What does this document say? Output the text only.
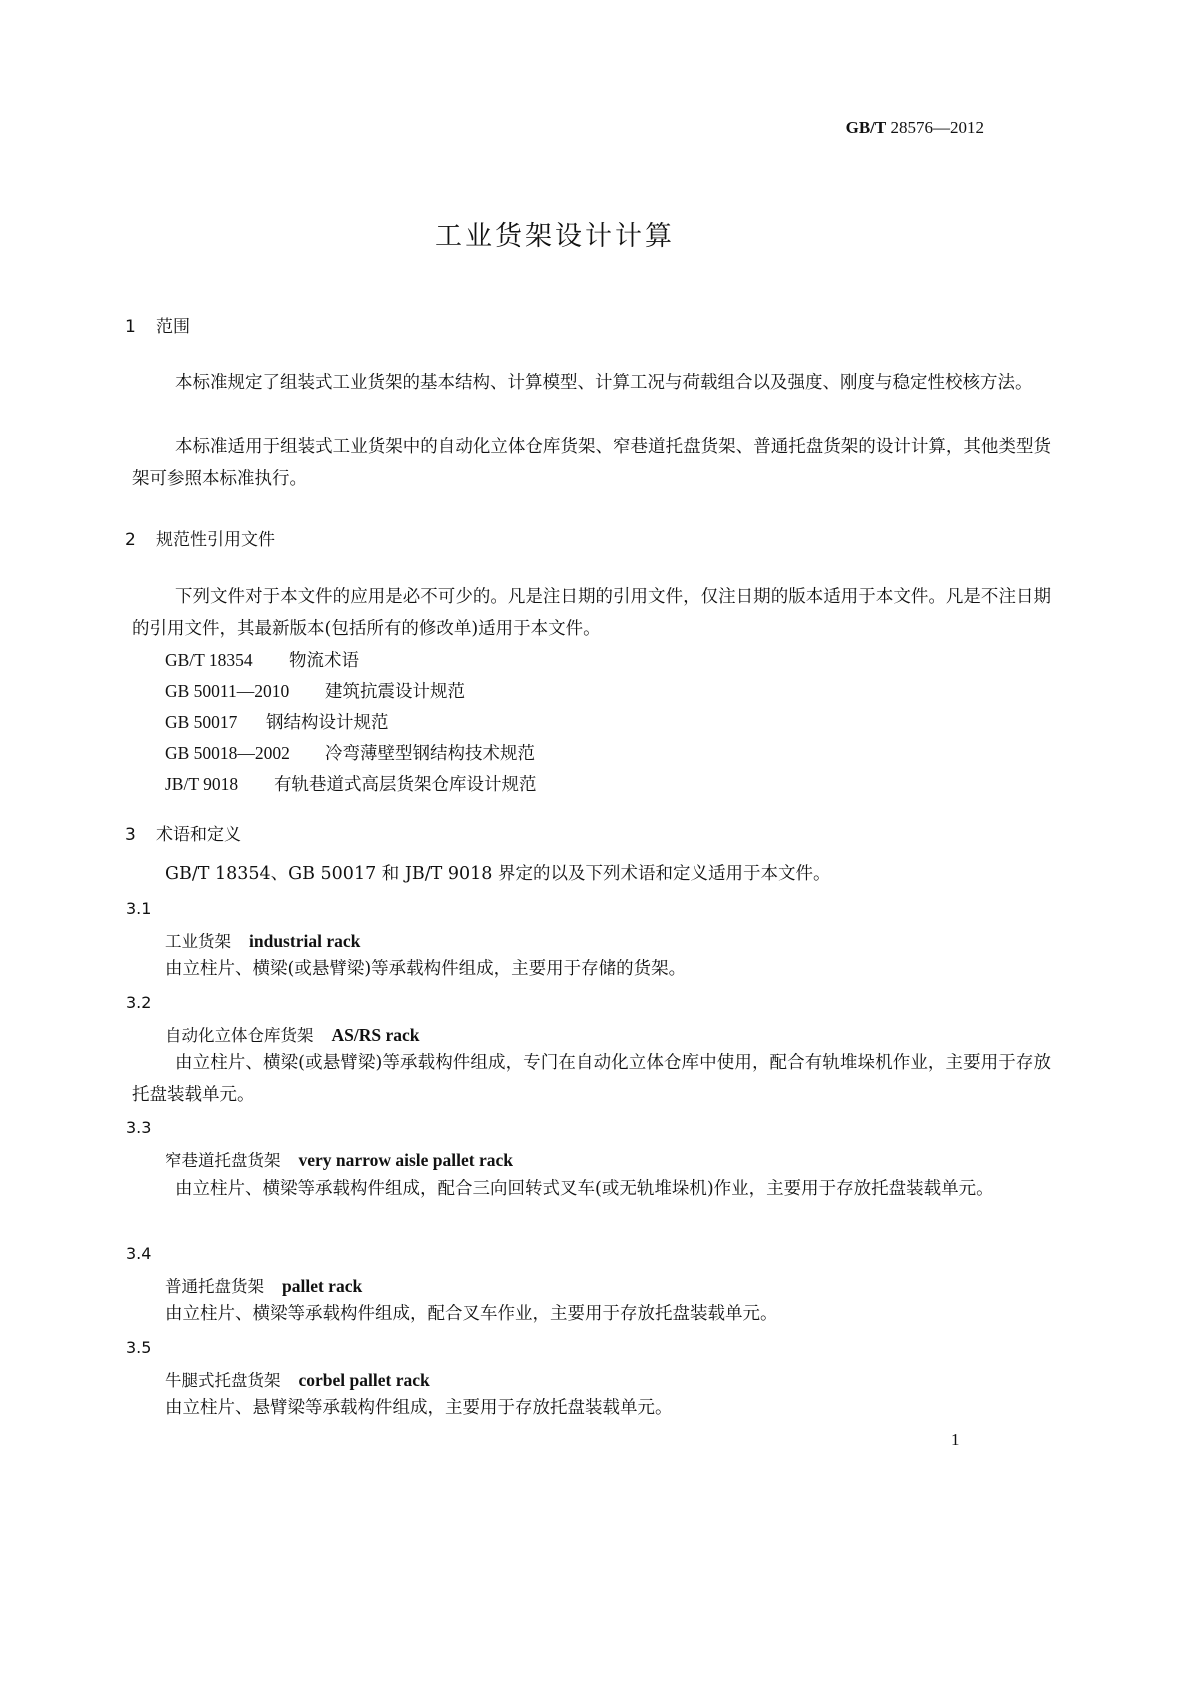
GB/T 28576—2012
工业货架设计计算
1 范围
本标准规定了组装式工业货架的基本结构、计算模型、计算工况与荷载组合以及强度、刚度与稳定性校核方法。
本标准适用于组装式工业货架中的自动化立体仓库货架、窄巷道托盘货架、普通托盘货架的设计计算，其他类型货架可参照本标准执行。
2 规范性引用文件
下列文件对于本文件的应用是必不可少的。凡是注日期的引用文件，仅注日期的版本适用于本文件。凡是不注日期的引用文件，其最新版本(包括所有的修改单)适用于本文件。
GB/T 18354 物流术语
GB 50011—2010 建筑抗震设计规范
GB 50017 钢结构设计规范
GB 50018—2002 冷弯薄壁型钢结构技术规范
JB/T 9018 有轨巷道式高层货架仓库设计规范
3 术语和定义
GB/T 18354、GB 50017 和 JB/T 9018 界定的以及下列术语和定义适用于本文件。
3.1
工业货架 industrial rack
由立柱片、横梁(或悬臂梁)等承载构件组成，主要用于存储的货架。
3.2
自动化立体仓库货架 AS/RS rack
由立柱片、横梁(或悬臂梁)等承载构件组成，专门在自动化立体仓库中使用，配合有轨堆垛机作业，主要用于存放托盘装载单元。
3.3
窄巷道托盘货架 very narrow aisle pallet rack
由立柱片、横梁等承载构件组成，配合三向回转式叉车(或无轨堆垛机)作业，主要用于存放托盘装载单元。
3.4
普通托盘货架 pallet rack
由立柱片、横梁等承载构件组成，配合叉车作业，主要用于存放托盘装载单元。
3.5
牛腿式托盘货架 corbel pallet rack
由立柱片、悬臂梁等承载构件组成，主要用于存放托盘装载单元。
1
